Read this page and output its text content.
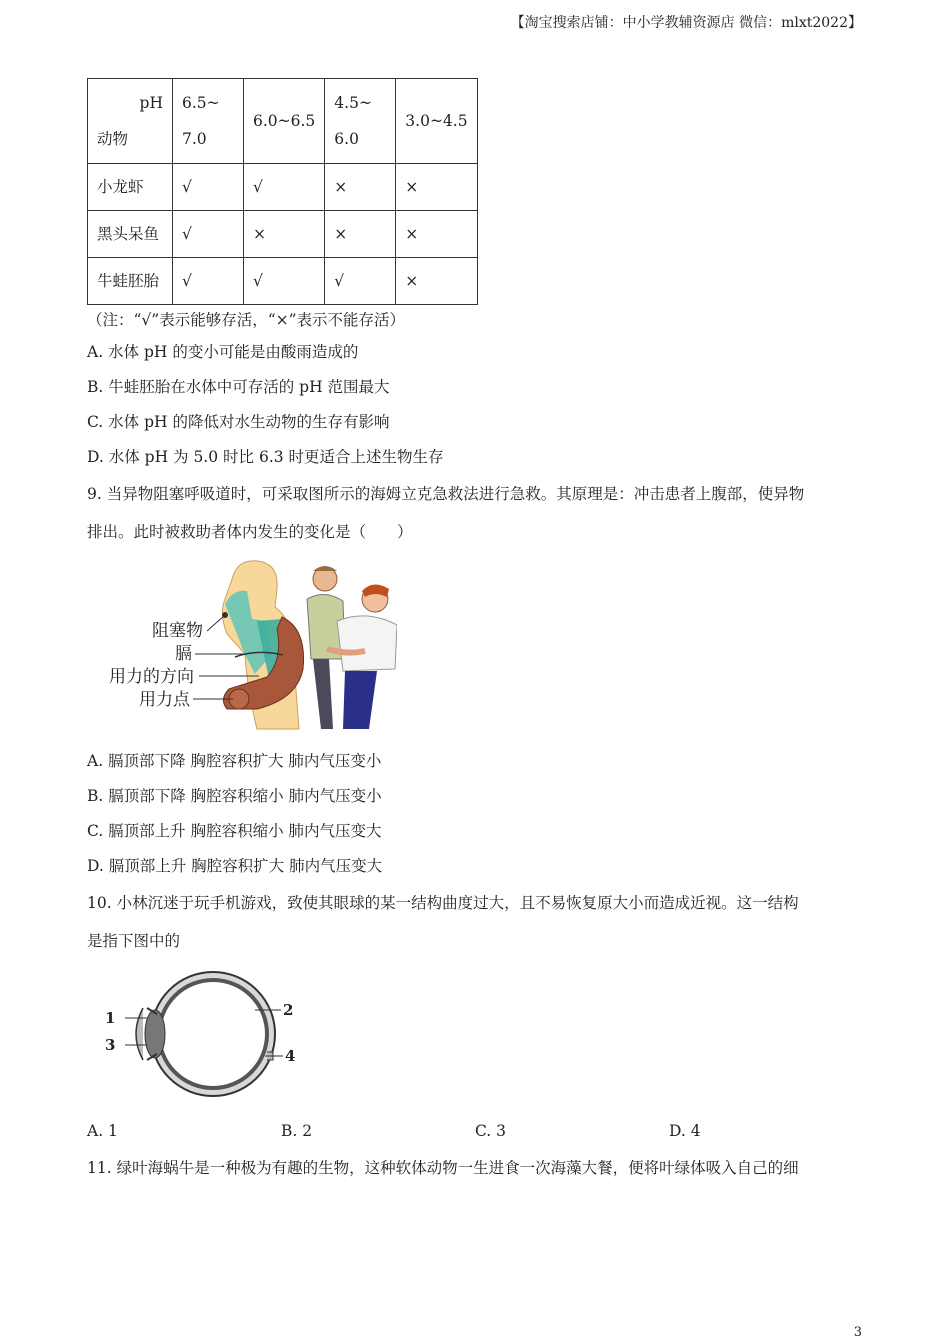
【淘宝搜索店铺：中小学教辅资源店 微信：mlxt2022】
pH
动物	6.5~7.0	6.0~6.5	4.5~6.0	3.0~4.5
小龙虾	√	√	×	×
黑头呆鱼	√	×	×	×
牛蛙胚胎	√	√	√	×
（注：“√”表示能够存活，“×”表示不能存活）
A. 水体 pH 的变小可能是由酸雨造成的
B. 牛蛙胚胎在水体中可存活的 pH 范围最大
C. 水体 pH 的降低对水生动物的生存有影响
D. 水体 pH 为 5.0 时比 6.3 时更适合上述生物生存
9. 当异物阻塞呼吸道时，可采取图所示的海姆立克急救法进行急救。其原理是：冲击患者上腹部，使异物
排出。此时被救助者体内发生的变化是（　　）
阻塞物
膈
用力的方向
用力点
A. 膈顶部下降 胸腔容积扩大 肺内气压变小
B. 膈顶部下降 胸腔容积缩小 肺内气压变小
C. 膈顶部上升 胸腔容积缩小 肺内气压变大
D. 膈顶部上升 胸腔容积扩大 肺内气压变大
10. 小林沉迷于玩手机游戏，致使其眼球的某一结构曲度过大，且不易恢复原大小而造成近视。这一结构
是指下图中的
1	2
3
4
A. 1	B. 2	C. 3	D. 4
11. 绿叶海蜗牛是一种极为有趣的生物，这种软体动物一生进食一次海藻大餐，便将叶绿体吸入自己的细
3
